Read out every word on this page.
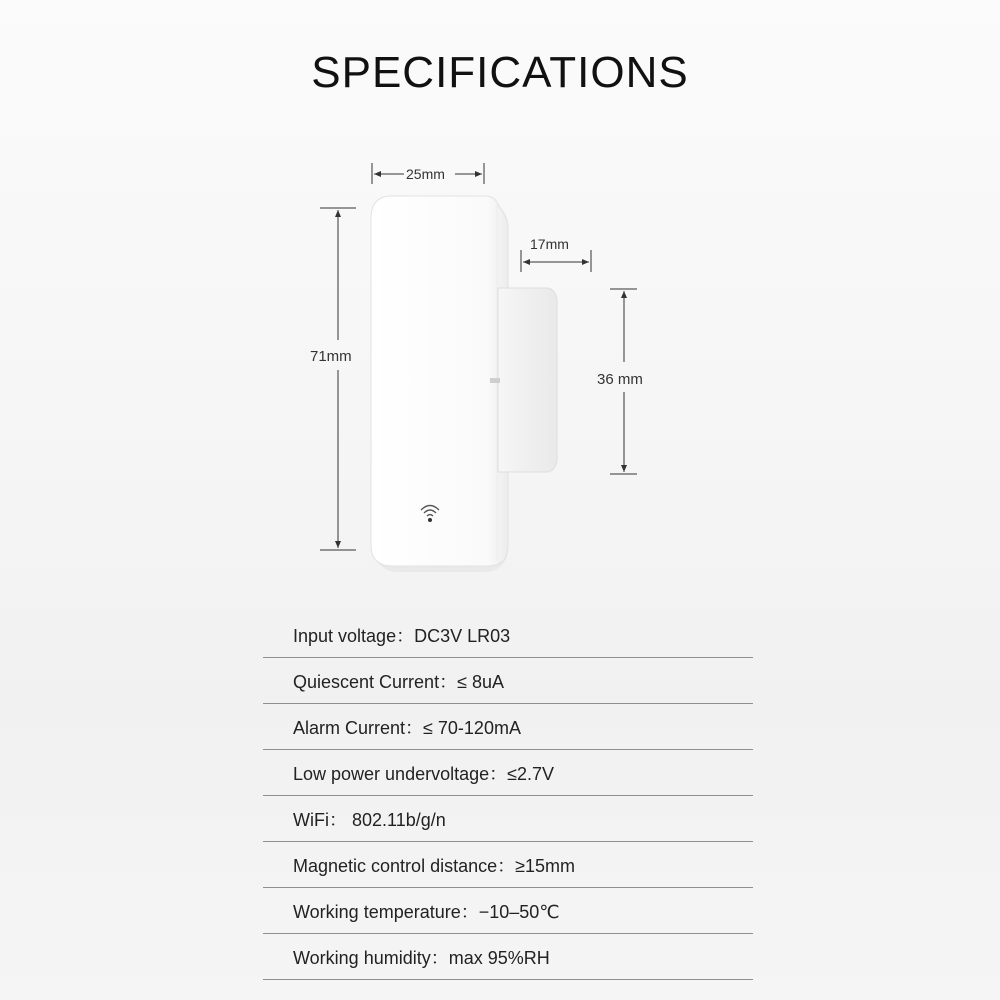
SPECIFICATIONS
25mm
71mm
17mm
36 mm
Input voltage：DC3V LR03
Quiescent Current：≤ 8uA
Alarm Current：≤ 70-120mA
Low power undervoltage：≤2.7V
WiFi： 802.11b/g/n
Magnetic control distance：≥15mm
Working temperature：−10–50℃
Working humidity：max 95%RH
